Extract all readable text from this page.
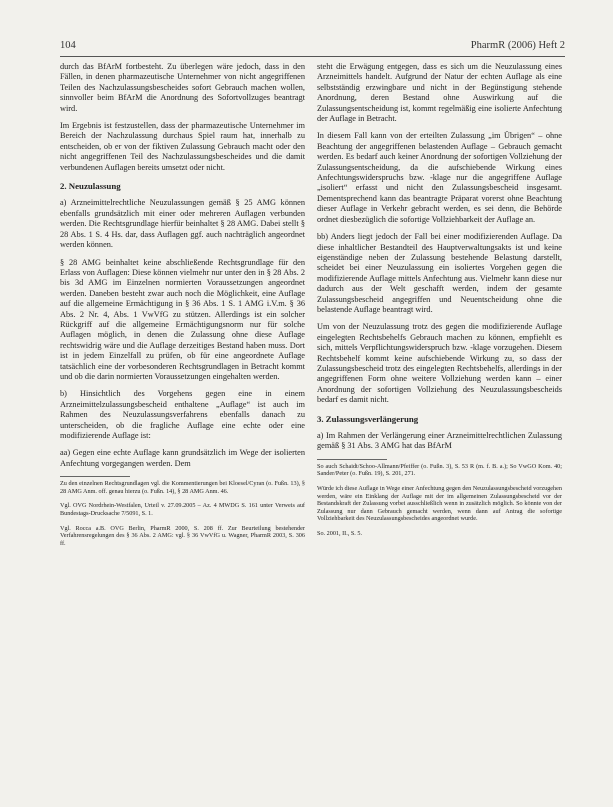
104	PharmR (2006) Heft 2

durch das BfArM fortbesteht. Zu überlegen wäre jedoch, dass in den Fällen, in denen pharmazeutische Unternehmer von nicht angegriffenen Teilen des Nachzulassungsbescheides sofort Gebrauch machen wollen, sinnvoller beim BfArM die Anordnung des Sofortvollzuges beantragt wird.

Im Ergebnis ist festzustellen, dass der pharmazeutische Unternehmer im Bereich der Nachzulassung durchaus Spiel raum hat, innerhalb zu entscheiden, ob er von der fiktiven Zulassung Gebrauch macht oder den nicht angegriffenen Teil des Nachzulassungsbescheides und die damit verbundenen Auflagen bereits umsetzt oder nicht.

2. Neuzulassung

a) Arzneimittelrechtliche Neuzulassungen gemäß § 25 AMG können ebenfalls grundsätzlich mit einer oder mehreren Auflagen verbunden werden. Die Rechtsgrundlage hierfür beinhaltet § 28 AMG. Dabei stellt § 28 Abs. 1 S. 4 Hs. dar, dass Auflagen ggf. auch nachträglich angeordnet werden können.

§ 28 AMG beinhaltet keine abschließende Rechtsgrundlage für den Erlass von Auflagen: Diese können vielmehr nur unter den in § 28 Abs. 2 bis 3d AMG im Einzelnen normierten Voraussetzungen angeordnet werden. Daneben besteht zwar auch noch die Möglichkeit, eine Auflage auf die allgemeine Ermächtigung in § 36 Abs. 1 S. 1 AMG i.V.m. § 36 Abs. 2 Nr. 4, Abs. 1 VwVfG zu stützen. Allerdings ist ein solcher Rückgriff auf die allgemeine Ermächtigungsnorm nur für solche Auflagen möglich, in denen die Zulassung ohne diese Auflage rechtswidrig wäre und die Auflage derzeitiges Bestand haben muss. Dort ist in jedem Einzelfall zu prüfen, ob für eine angeordnete Auflage tatsächlich eine der vorbesonderen Rechtsgrundlagen in Betracht kommt und ob die darin normierten Voraussetzungen eingehalten werden.

b) Hinsichtlich des Vorgehens gegen eine in einem Arzneimittelzulassungsbescheid enthaltene „Auflage“ ist auch im Rahmen des Neuzulassungsverfahrens ebenfalls danach zu unterscheiden, ob die fragliche Auflage eine echte oder eine modifizierende Auflage ist:

aa) Gegen eine echte Auflage kann grundsätzlich im Wege der isolierten Anfechtung vorgegangen werden. Dem

Zu den einzelnen Rechtsgrundlagen vgl. die Kommentierungen bei Kloesel/Cyran (o. Fußn. 13), § 28 AMG Anm. off. genau hierzu (o. Fußn. 14), § 28 AMG Anm. 46.

Vgl. OVG Nordrhein-Westfalen, Urteil v. 27.09.2005 – Az. 4 MWDG S. 161 unter Verweis auf Bundestags-Drucksache 7/5091, S. 1.

Vgl. Rocca a.B. OVG Berlin, PharmR 2000, S. 208 ff. Zur Beurteilung bestehender Verfahrensregelungen des § 36 Abs. 2 AMG: vgl. § 36 VwVfG u. Wagner, PharmR 2003, S. 306 ff.

steht die Erwägung entgegen, dass es sich um die Neuzulassung eines Arzneimittels handelt. Aufgrund der Natur der echten Auflage als eine selbstständig erzwingbare und nicht in der Begünstigung stehende Anordnung, deren Bestand ohne Auswirkung auf die Zulassungsentscheidung ist, kommt regelmäßig eine isolierte Anfechtung der Auflage in Betracht.

In diesem Fall kann von der erteilten Zulassung „im Übrigen“ – ohne Beachtung der angegriffenen belastenden Auflage – Gebrauch gemacht werden. Es bedarf auch keiner Anordnung der sofortigen Vollziehung der Zulassungsentscheidung, da die aufschiebende Wirkung eines Anfechtungswiderspruchs bzw. -klage nur die angegriffene Auflage „isoliert“ erfasst und nicht den Zulassungsbescheid insgesamt. Dementsprechend kann das beantragte Präparat vorerst ohne Beachtung dieser Auflage in Verkehr gebracht werden, es sei denn, die Behörde ordnet diesbezüglich die sofortige Vollziehbarkeit der Auflage an.

bb) Anders liegt jedoch der Fall bei einer modifizierenden Auflage. Da diese inhaltlicher Bestandteil des Hauptverwaltungsakts ist und keine eigenständige neben der Zulassung bestehende Belastung darstellt, scheidet bei einer Neuzulassung ein isoliertes Vorgehen gegen die modifizierende Auflage mittels Anfechtung aus. Vielmehr kann diese nur dadurch aus der Welt geschafft werden, indem der gesamte Zulassungsbescheid angegriffen und Neuentscheidung ohne die belastende Auflage beantragt wird.

Um von der Neuzulassung trotz des gegen die modifizierende Auflage eingelegten Rechtsbehelfs Gebrauch machen zu können, empfiehlt es sich, mittels Verpflichtungswiderspruch bzw. -klage vorzugehen. Diesem Rechtsbehelf kommt keine aufschiebende Wirkung zu, so dass der Zulassungsbescheid trotz des eingelegten Rechtsbehelfs, allerdings in der angegriffenen Form ohne weitere Vollziehung werden kann – einer Anordnung der sofortigen Vollziehung des Neuzulassungsbescheids bedarf es damit nicht.

3. Zulassungsverlängerung

a) Im Rahmen der Verlängerung einer Arzneimittelrechtlichen Zulassung gemäß § 31 Abs. 3 AMG hat das BfArM

So auch Schaidt/Schoo-Allmann/Pfeiffer (o. Fußn. 3), S. 53 R (m. f. B. a.); So VwGO Kom. 40; Sander/Peter (o. Fußn. 19), S. 201, 271.

Würde ich diese Auflage in Wege einer Anfechtung gegen den Neuzulassungsbescheid vorzugehen werden, wäre ein Einklang der Auflage mit der im allgemeinen Zulassungsbescheid vor der Bestandskraft der Zulassung vorbei ausschließlich wenn in zusätzlich möglich. So könnte von der Zulassung nur dann Gebrauch gemacht werden, wenn dann auf Antrag die sofortige Vollziehbarkeit des Neuzulassungsbescheides angeordnet wurde.

So. 2001, II., S. 5.
